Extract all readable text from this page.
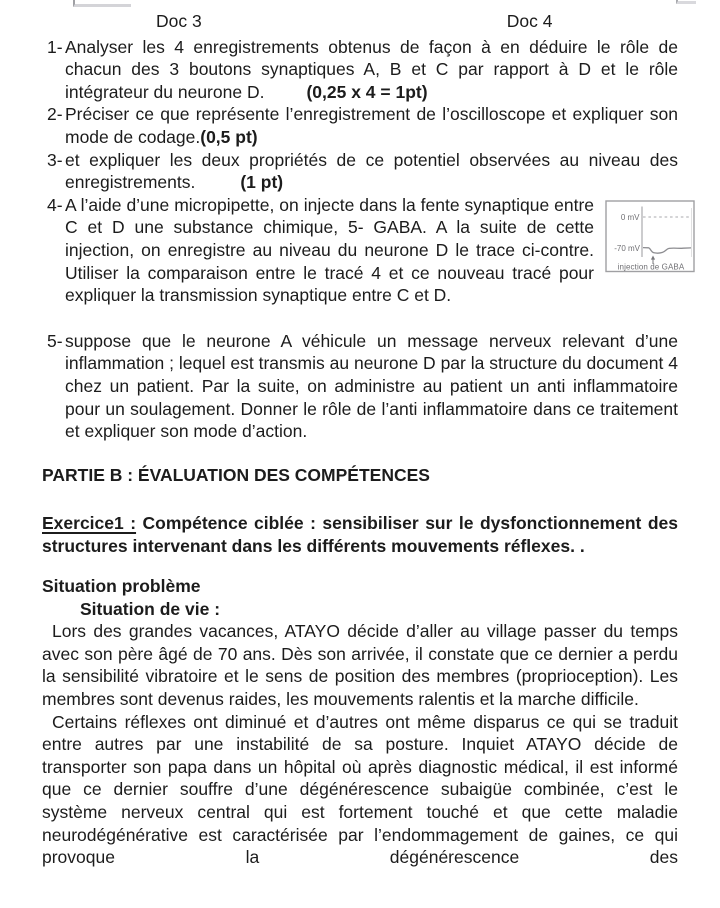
Doc 3	Doc 4
1- Analyser les 4 enregistrements obtenus de façon à en déduire le rôle de chacun des 3 boutons synaptiques A, B et C par rapport à D et le rôle intégrateur du neurone D. (0,25 x 4 = 1pt)
2- Préciser ce que représente l’enregistrement de l’oscilloscope et expliquer son mode de codage.(0,5 pt)
3- et expliquer les deux propriétés de ce potentiel observées au niveau des enregistrements.	(1 pt)
4-
0 mV
-70 mV
injection de GABA
A l’aide d’une micropipette, on injecte dans la fente synaptique entre C et D une substance chimique, 5- GABA. A la suite de cette injection, on enregistre au niveau du neurone D le trace ci-contre. Utiliser la comparaison entre le tracé 4 et ce nouveau tracé pour expliquer la transmission synaptique entre C et D.
5- suppose que le neurone A véhicule un message nerveux relevant d’une inflammation ; lequel est transmis au neurone D par la structure du document 4 chez un patient. Par la suite, on administre au patient un anti inflammatoire pour un soulagement. Donner le rôle de l’anti inflammatoire dans ce traitement et expliquer son mode d’action.
PARTIE B : ÉVALUATION DES COMPÉTENCES

Exercice1 : Compétence ciblée : sensibiliser sur le dysfonctionnement des structures intervenant dans les différents mouvements réflexes. .

Situation problème
Situation de vie :

Lors des grandes vacances, ATAYO décide d’aller au village passer du temps avec son père âgé de 70 ans. Dès son arrivée, il constate que ce dernier a perdu la sensibilité vibratoire et le sens de position des membres (proprioception). Les membres sont devenus raides, les mouvements ralentis et la marche difficile.

Certains réflexes ont diminué et d’autres ont même disparus ce qui se traduit entre autres par une instabilité de sa posture. Inquiet ATAYO décide de transporter son papa dans un hôpital où après diagnostic médical, il est informé que ce dernier souffre d’une dégénérescence subaigüe combinée, c’est le système nerveux central qui est fortement touché et que cette maladie neurodégénérative est caractérisée par l’endommagement de gaines, ce qui provoque la dégénérescence des
